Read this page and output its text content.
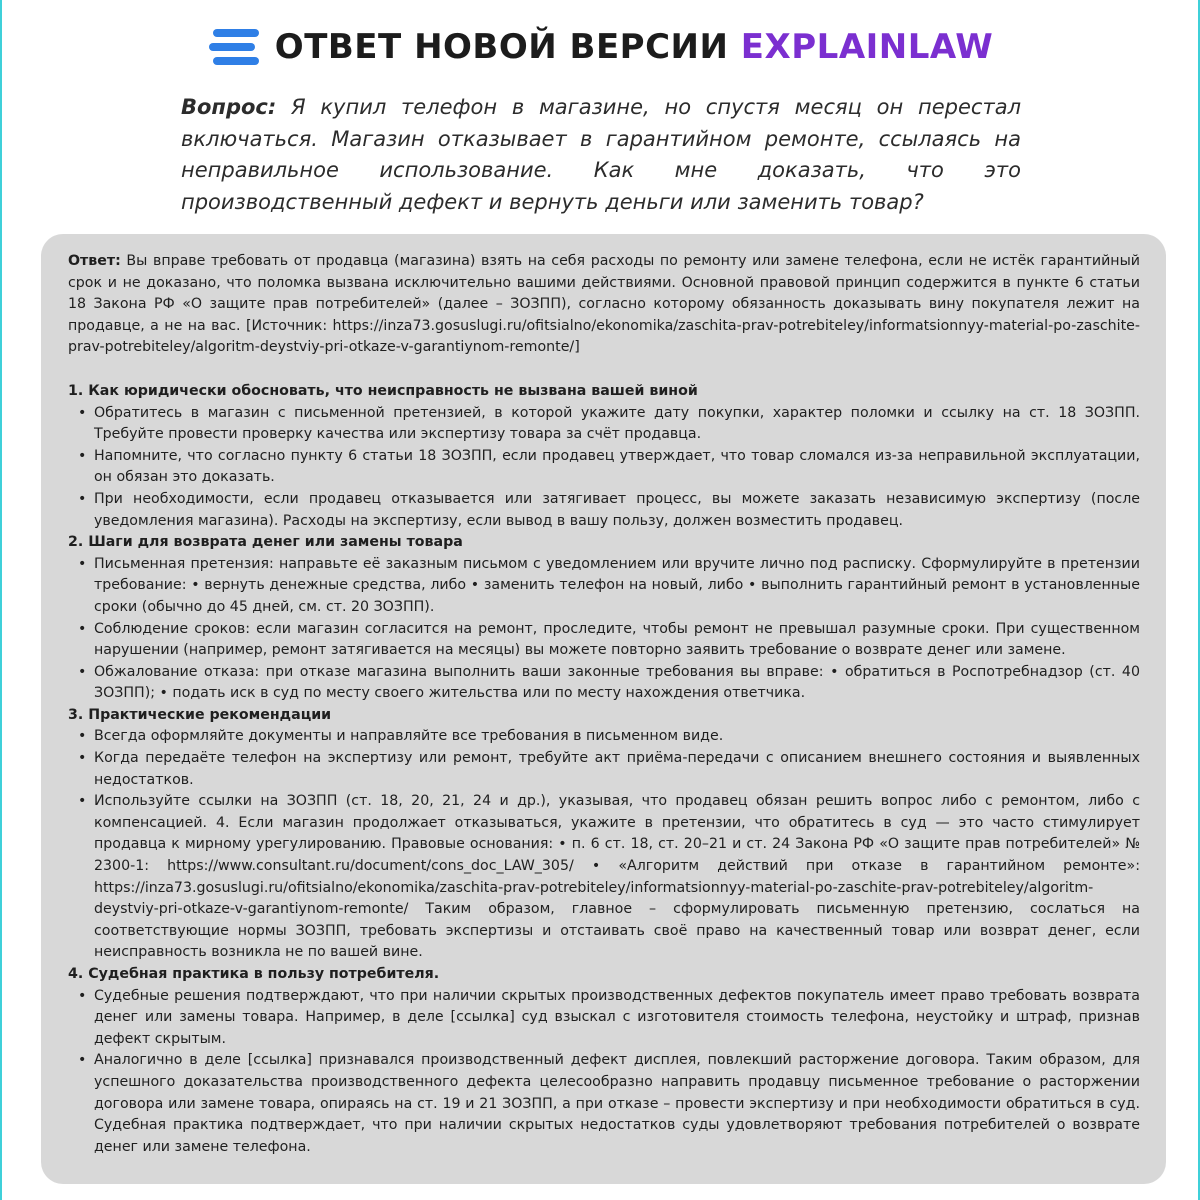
ОТВЕТ НОВОЙ ВЕРСИИ EXPLAINLAW
Вопрос: Я купил телефон в магазине, но спустя месяц он перестал включаться. Магазин отказывает в гарантийном ремонте, ссылаясь на неправильное использование. Как мне доказать, что это производственный дефект и вернуть деньги или заменить товар?

Ответ: Вы вправе требовать от продавца (магазина) взять на себя расходы по ремонту или замене телефона, если не истёк гарантийный срок и не доказано, что поломка вызвана исключительно вашими действиями. Основной правовой принцип содержится в пункте 6 статьи 18 Закона РФ «О защите прав потребителей» (далее – ЗОЗПП), согласно которому обязанность доказывать вину покупателя лежит на продавце, а не на вас. [Источник: https://inza73.gosuslugi.ru/ofitsialno/ekonomika/zaschita-prav-potrebiteley/informatsionnyy-material-po-zaschite-prav-potrebiteley/algoritm-deystviy-pri-otkaze-v-garantiynom-remonte/]

1. Как юридически обосновать, что неисправность не вызвана вашей виной
• Обратитесь в магазин с письменной претензией, в которой укажите дату покупки, характер поломки и ссылку на ст. 18 ЗОЗПП. Требуйте провести проверку качества или экспертизу товара за счёт продавца.
• Напомните, что согласно пункту 6 статьи 18 ЗОЗПП, если продавец утверждает, что товар сломался из-за неправильной эксплуатации, он обязан это доказать.
• При необходимости, если продавец отказывается или затягивает процесс, вы можете заказать независимую экспертизу (после уведомления магазина). Расходы на экспертизу, если вывод в вашу пользу, должен возместить продавец.
2. Шаги для возврата денег или замены товара
• Письменная претензия: направьте её заказным письмом с уведомлением или вручите лично под расписку. Сформулируйте в претензии требование: • вернуть денежные средства, либо • заменить телефон на новый, либо • выполнить гарантийный ремонт в установленные сроки (обычно до 45 дней, см. ст. 20 ЗОЗПП).
• Соблюдение сроков: если магазин согласится на ремонт, проследите, чтобы ремонт не превышал разумные сроки. При существенном нарушении (например, ремонт затягивается на месяцы) вы можете повторно заявить требование о возврате денег или замене.
• Обжалование отказа: при отказе магазина выполнить ваши законные требования вы вправе: • обратиться в Роспотребнадзор (ст. 40 ЗОЗПП); • подать иск в суд по месту своего жительства или по месту нахождения ответчика.
3. Практические рекомендации
• Всегда оформляйте документы и направляйте все требования в письменном виде.
• Когда передаёте телефон на экспертизу или ремонт, требуйте акт приёма-передачи с описанием внешнего состояния и выявленных недостатков.
• Используйте ссылки на ЗОЗПП (ст. 18, 20, 21, 24 и др.), указывая, что продавец обязан решить вопрос либо с ремонтом, либо с компенсацией. 4. Если магазин продолжает отказываться, укажите в претензии, что обратитесь в суд — это часто стимулирует продавца к мирному урегулированию. Правовые основания: • п. 6 ст. 18, ст. 20–21 и ст. 24 Закона РФ «О защите прав потребителей» № 2300-1: https://www.consultant.ru/document/cons_doc_LAW_305/ • «Алгоритм действий при отказе в гарантийном ремонте»: https://inza73.gosuslugi.ru/ofitsialno/ekonomika/zaschita-prav-potrebiteley/informatsionnyy-material-po-zaschite-prav-potrebiteley/algoritm-deystviy-pri-otkaze-v-garantiynom-remonte/ Таким образом, главное – сформулировать письменную претензию, сослаться на соответствующие нормы ЗОЗПП, требовать экспертизы и отстаивать своё право на качественный товар или возврат денег, если неисправность возникла не по вашей вине.
4. Судебная практика в пользу потребителя.
• Судебные решения подтверждают, что при наличии скрытых производственных дефектов покупатель имеет право требовать возврата денег или замены товара. Например, в деле [ссылка] суд взыскал с изготовителя стоимость телефона, неустойку и штраф, признав дефект скрытым.
• Аналогично в деле [ссылка] признавался производственный дефект дисплея, повлекший расторжение договора. Таким образом, для успешного доказательства производственного дефекта целесообразно направить продавцу письменное требование о расторжении договора или замене товара, опираясь на ст. 19 и 21 ЗОЗПП, а при отказе – провести экспертизу и при необходимости обратиться в суд. Судебная практика подтверждает, что при наличии скрытых недостатков суды удовлетворяют требования потребителей о возврате денег или замене телефона.
